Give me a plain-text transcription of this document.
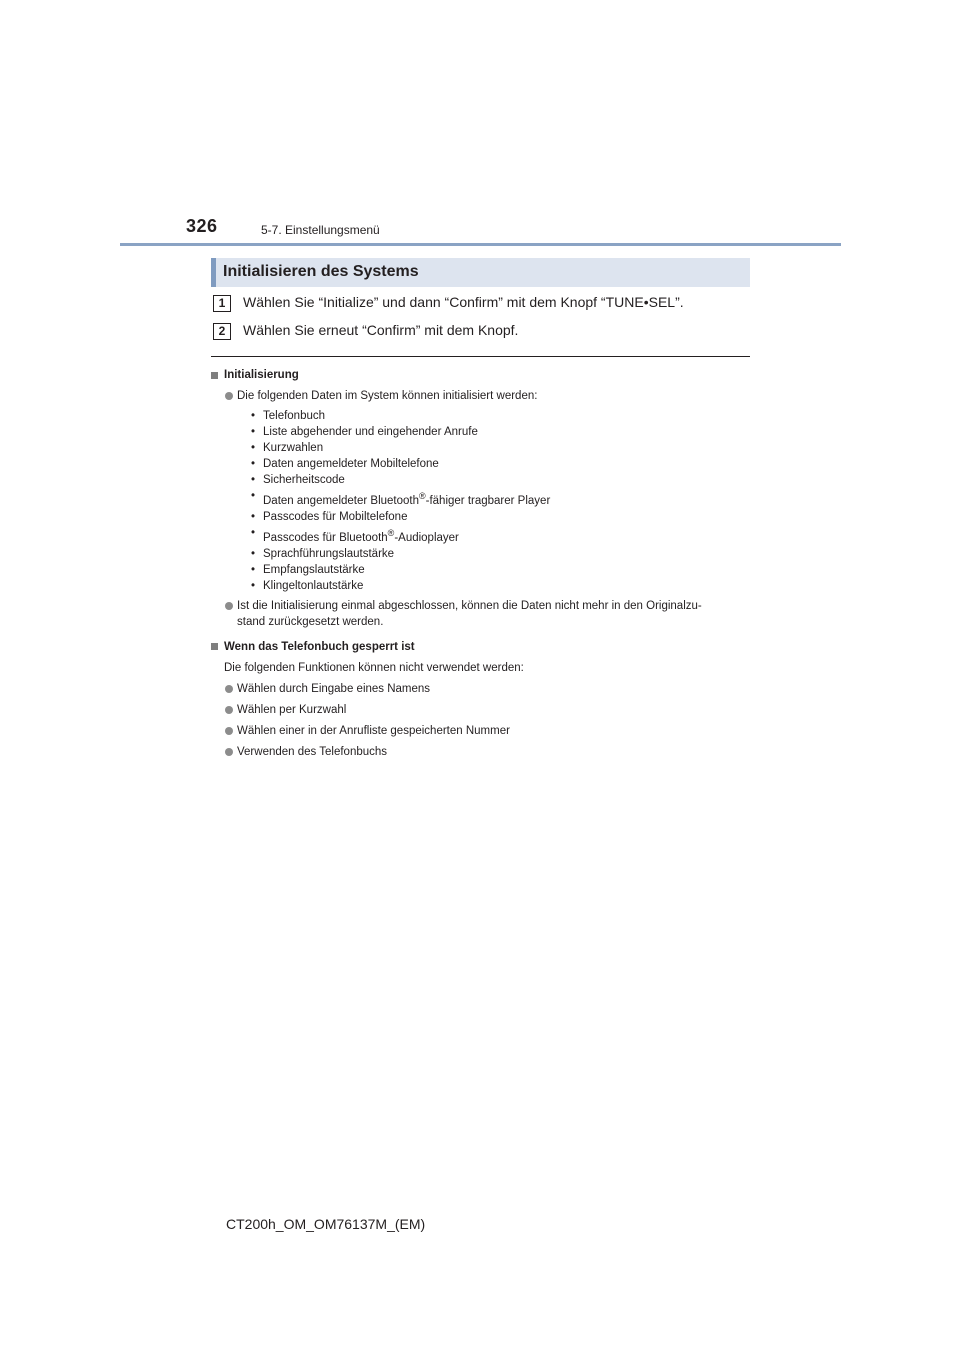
326	5-7. Einstellungsmenü
Initialisieren des Systems
1	Wählen Sie “Initialize” und dann “Confirm” mit dem Knopf “TUNE•SEL”.
2	Wählen Sie erneut “Confirm” mit dem Knopf.
Initialisierung
Die folgenden Daten im System können initialisiert werden:
• Telefonbuch
• Liste abgehender und eingehender Anrufe
• Kurzwahlen
• Daten angemeldeter Mobiltelefone
• Sicherheitscode
• Daten angemeldeter Bluetooth®-fähiger tragbarer Player
• Passcodes für Mobiltelefone
• Passcodes für Bluetooth®-Audioplayer
• Sprachführungslautstärke
• Empfangslautstärke
• Klingeltonlautstärke
Ist die Initialisierung einmal abgeschlossen, können die Daten nicht mehr in den Originalzu-
stand zurückgesetzt werden.
Wenn das Telefonbuch gesperrt ist
Die folgenden Funktionen können nicht verwendet werden:
Wählen durch Eingabe eines Namens
Wählen per Kurzwahl
Wählen einer in der Anrufliste gespeicherten Nummer
Verwenden des Telefonbuchs
CT200h_OM_OM76137M_(EM)
